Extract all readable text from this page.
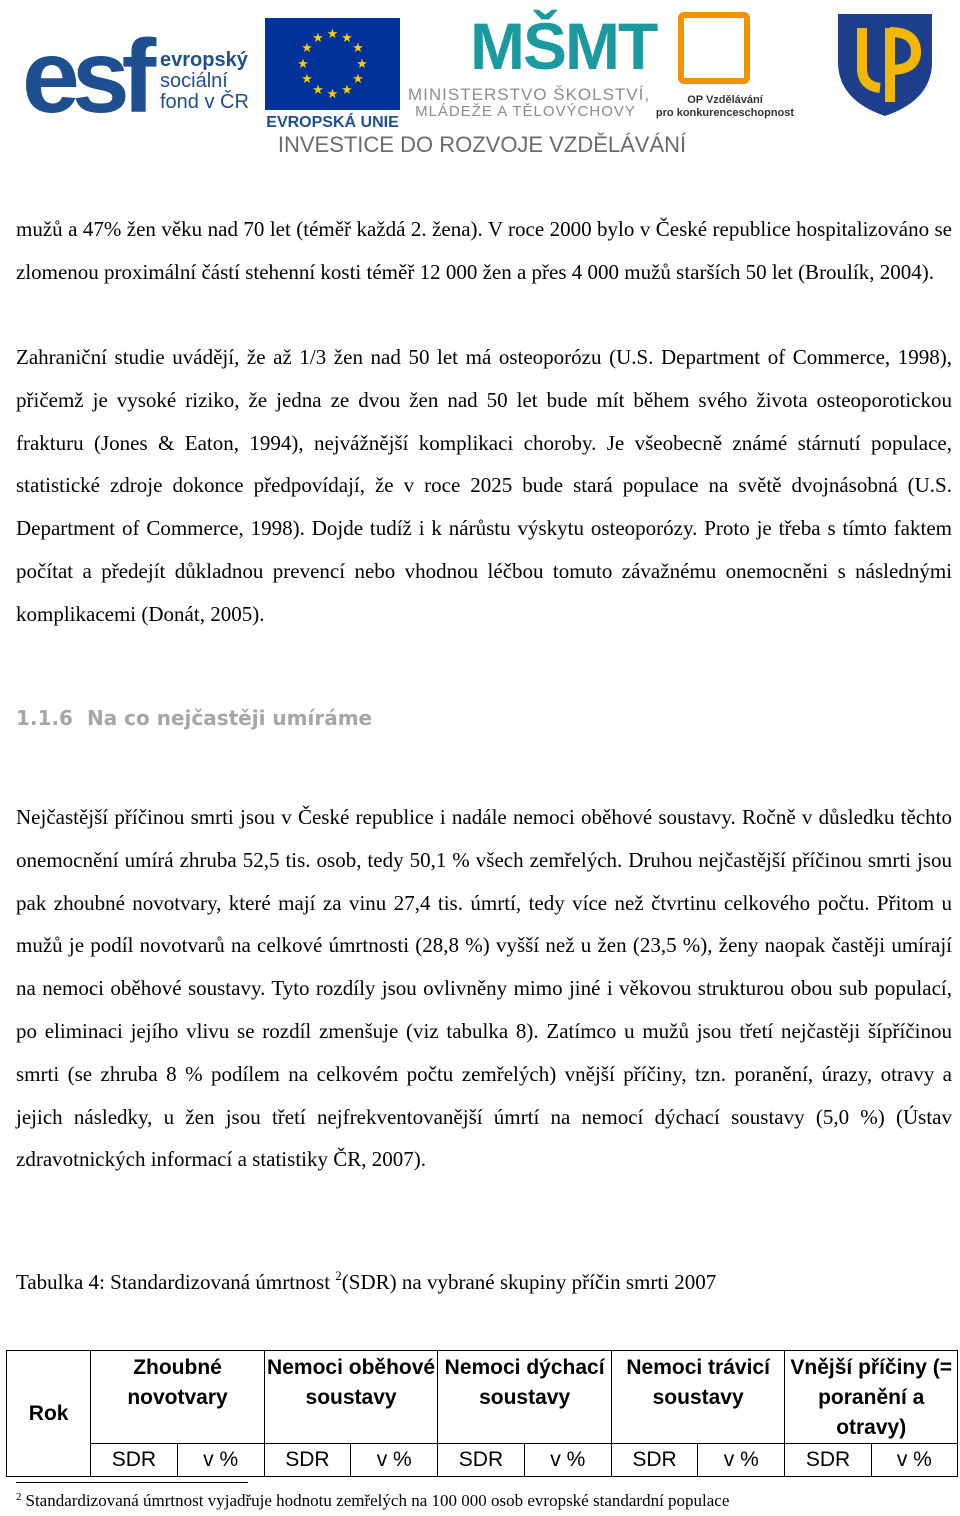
esf evropský
sociální
fond v ČR
★ ★
★
★
★
★
★
★
★
★
★
★
EVROPSKÁ UNIE
MŠMT
MINISTERSTVO ŠKOLSTVÍ,
MLÁDEŽE A TĚLOVÝCHOVY
OP Vzdělávání
pro konkurenceschopnost
INVESTICE DO ROZVOJE VZDĚLÁVÁNÍ

mužů a 47% žen věku nad 70 let (téměř každá 2. žena). V roce 2000 bylo v České republice hospitalizováno se zlomenou proximální částí stehenní kosti téměř 12 000 žen a přes 4 000 mužů starších 50 let (Broulík, 2004).

Zahraniční studie uvádějí, že až 1/3 žen nad 50 let má osteoporózu (U.S. Department of Commerce, 1998), přičemž je vysoké riziko, že jedna ze dvou žen nad 50 let bude mít během svého života osteoporotickou frakturu (Jones & Eaton, 1994), nejvážnější komplikaci choroby. Je všeobecně známé stárnutí populace, statistické zdroje dokonce předpovídají, že v roce 2025 bude stará populace na světě dvojnásobná (U.S. Department of Commerce, 1998). Dojde tudíž i k nárůstu výskytu osteoporózy. Proto je třeba s tímto faktem počítat a předejít důkladnou prevencí nebo vhodnou léčbou tomuto závažnému onemocněni s následnými komplikacemi (Donát, 2005).

1.1.6 Na co nejčastěji umíráme

Nejčastější příčinou smrti jsou v České republice i nadále nemoci oběhové soustavy. Ročně v důsledku těchto onemocnění umírá zhruba 52,5 tis. osob, tedy 50,1 % všech zemřelých. Druhou nejčastější příčinou smrti jsou pak zhoubné novotvary, které mají za vinu 27,4 tis. úmrtí, tedy více než čtvrtinu celkového počtu. Přitom u mužů je podíl novotvarů na celkové úmrtnosti (28,8 %) vyšší než u žen (23,5 %), ženy naopak častěji umírají na nemoci oběhové soustavy. Tyto rozdíly jsou ovlivněny mimo jiné i věkovou strukturou obou sub populací, po eliminaci jejího vlivu se rozdíl zmenšuje (viz tabulka 8). Zatímco u mužů jsou třetí nejčastěji šípříčinou smrti (se zhruba 8 % podílem na celkovém počtu zemřelých) vnější příčiny, tzn. poranění, úrazy, otravy a jejich následky, u žen jsou třetí nejfrekventovanější úmrtí na nemocí dýchací soustavy (5,0 %) (Ústav zdravotnických informací a statistiky ČR, 2007).

Tabulka 4: Standardizovaná úmrtnost $^2$(SDR) na vybrané skupiny příčin smrti 2007

Rok	Zhoubné novotvary		Nemoci oběhové soustavy		Nemoci dýchací soustavy		Nemoci trávicí soustavy		Vnější příčiny (= poranění a otravy)	
	SDR	v %	SDR	v %	SDR	v %	SDR	v %	SDR	v %

$^2$ Standardizovaná úmrtnost vyjadřuje hodnotu zemřelých na 100 000 osob evropské standardní populace
